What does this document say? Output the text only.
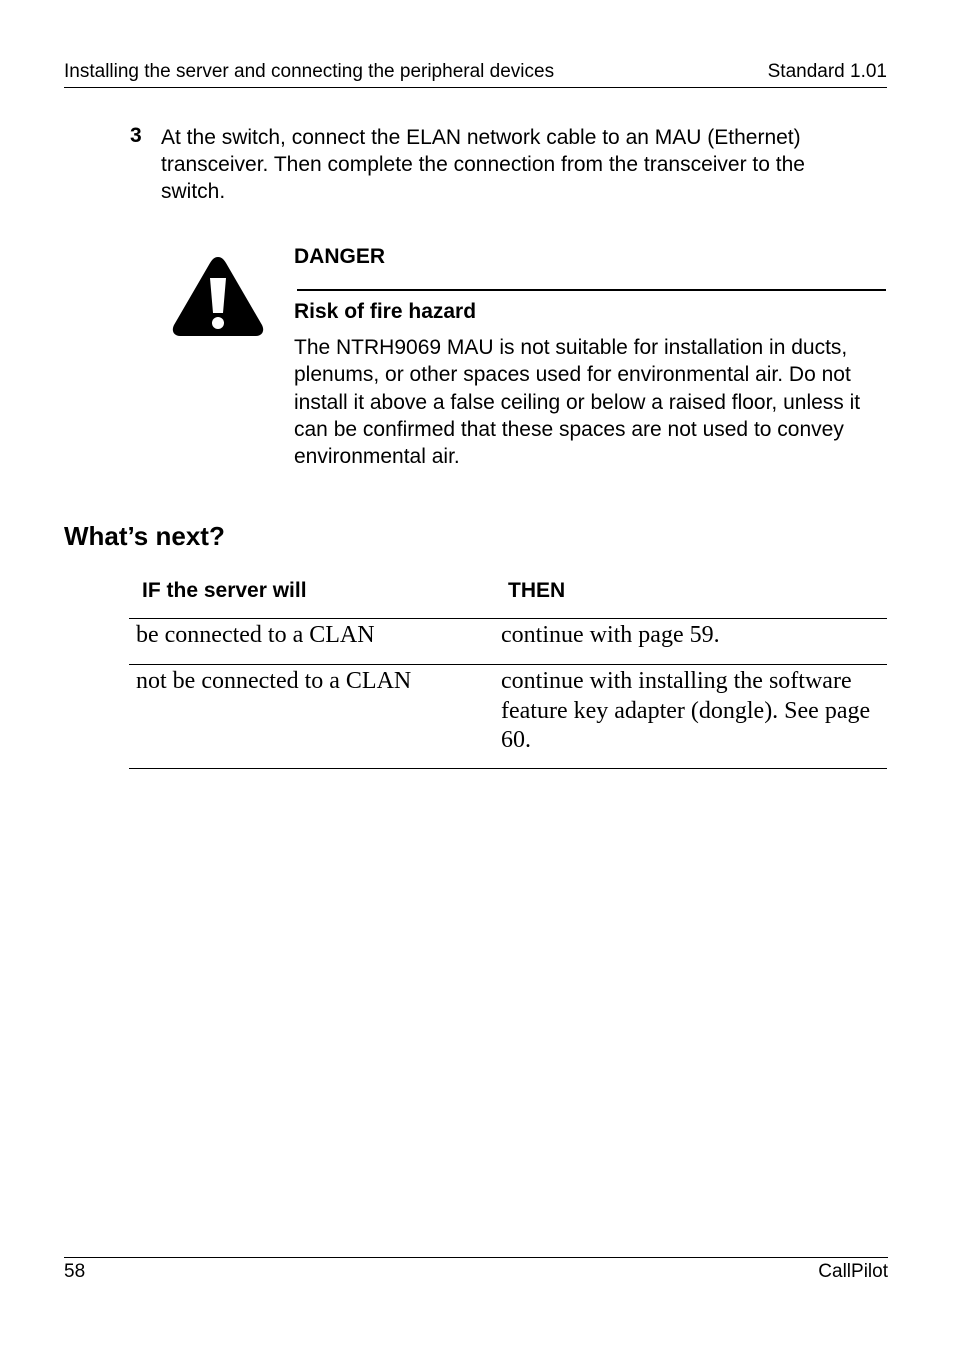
Installing the server and connecting the peripheral devices	Standard 1.01
3 At the switch, connect the ELAN network cable to an MAU (Ethernet) transceiver. Then complete the connection from the transceiver to the switch.
DANGER
Risk of fire hazard
The NTRH9069 MAU is not suitable for installation in ducts, plenums, or other spaces used for environmental air. Do not install it above a false ceiling or below a raised floor, unless it can be confirmed that these spaces are not used to convey environmental air.
What’s next?
IF the server will	THEN
be connected to a CLAN	continue with page 59.
not be connected to a CLAN	continue with installing the software feature key adapter (dongle). See page 60.
58	CallPilot
